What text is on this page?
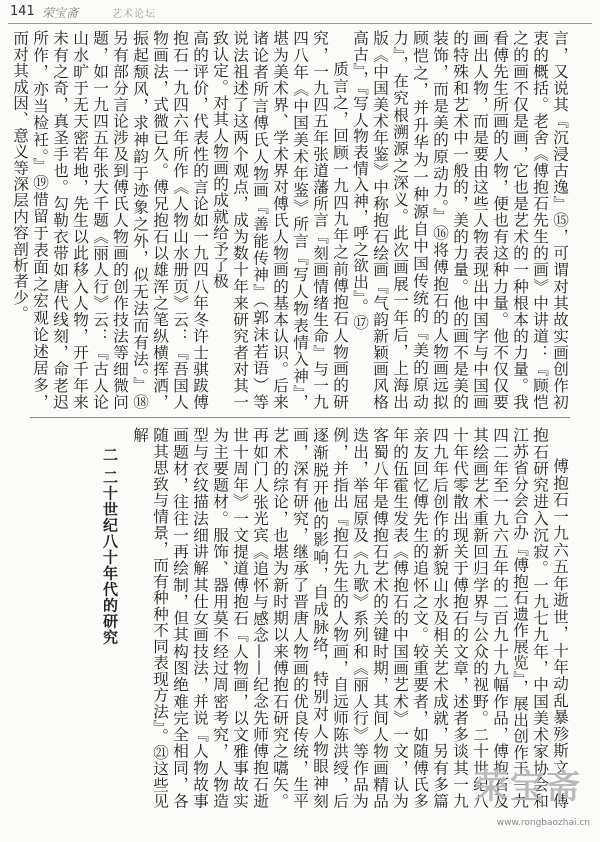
141 荣宝斋	艺术论坛

言，又说其『沉浸古逸』⑮，可谓对其故实画创作初衷的概括。老舍《傅抱石先生的画》中讲道：『顾恺之的画不仅是画，它也是艺术的一种根本的力量。我看傅先生所画的人物，便也有这种力量。他不仅仅要画出人物，而是要由这些人物表现出中国字与中国画的特殊和艺术中一般的，美的力量。他的画不是美的装饰，而是美的原动力。』⑯将傅抱石的人物画远拟顾恺之，并升华为一种源自中国传统的『美的原动力』，在究根溯源之深义。此次画展一年后，上海出版《中国美术年鉴》中称抱石绘画『气韵新颖画风格高古』，『写人物表情入神，呼之欲出』。⑰

质言之，回顾一九四九年之前傅抱石人物画的研究，一九四五年张道藩所言『刻画情绪生命』与一九四八年《中国美术年鉴》所言『写人物表情入神』，堪为美术界、学术界对傅氏人物画的基本认识。后来诸论者所言傅氏人物画『善能传神』（郭沫若语）等说法祖述了这两个观点，成为数十年来研究者对其一致认定。对其人物画的成就给予了极

高的评价，代表性的言论如一九四八年冬许士骐跋傅抱石一九四六年所作《人物山水册页》云：『吾国人物画法，式微已久。傅兄抱石以雄浑之笔纵横挥洒，振起颓风，求神韵于迹象之外，似无法而有法。』⑱另有部分言论涉及到傅氏人物画的创作技法等细微问题，如一九四五年张大千题《丽人行》云：『古人论山水旷于无天密若地，先生以此移入人物，开千年来未有之奇，真圣手也。勾勒衣带如唐代线刻，命老迟所作，亦当检衽。』⑲惜留于表面之宏观论述居多，而对其成因、意义等深层内容剖析者少。

傅抱石一九六五年逝世，十年动乱暴殄斯文，傅抱石研究进入沉寂。一九七九年，中国美术家协会和江苏省分会合办『傅抱石遗作展览』，展出创作于一九四二年至一九六五年的二百九十九幅作品，傅抱石及其绘画艺术重新回归学界与公众的视野。二十世纪八十年代零散出现关于傅抱石的文章，述者多谈其一九四九年后创作的新貌山水及相关艺术成就，另有多篇亲友回忆傅先生的追怀之文。较重要者，如随傅氏多年的伍霍生发表《傅抱石的中国画艺术》一文，认为客蜀八年是傅抱石艺术的关键时期，其间人物画精品迭出，举屈原及《九歌》系列和《丽人行》等作品为例，并指出『抱石先生的人物画，自远师陈洪绶，后逐渐脱开他的影响，自成脉络，特别对人物眼神刻画，深有研究，继承了晋唐人物画的优良传统，生平艺术的综论，也堪为新时期以来傅抱石研究之嚆矢。再如门人张光宾《追怀与感念——纪念先师傅抱石逝世十周年》一文提道傅抱石『人物画，以文雅事故实为主要题材。服饰、器用莫不经过周密考究，人物造型与衣纹描法细讲解其仕女画技法，并说『人物故事画题材，往往一再绘制，但其构图绝难完全相同，各随其思致与情景，而有种种不同表现方法』。㉑这些见解

二 二十世纪八十年代的研究
荣宝斋
www.rongbaozhai.cn
